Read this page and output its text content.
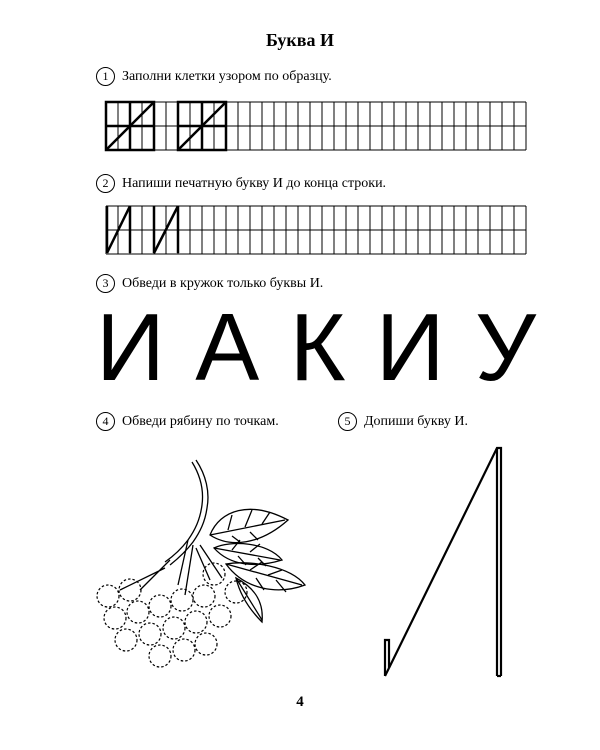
Буква И
1 Заполни клетки узором по образцу.
2 Напиши печатную букву И до конца строки.
3 Обведи в кружок только буквы И.
И А К И У
4 Обведи рябину по точкам.	5 Допиши букву И.
4
